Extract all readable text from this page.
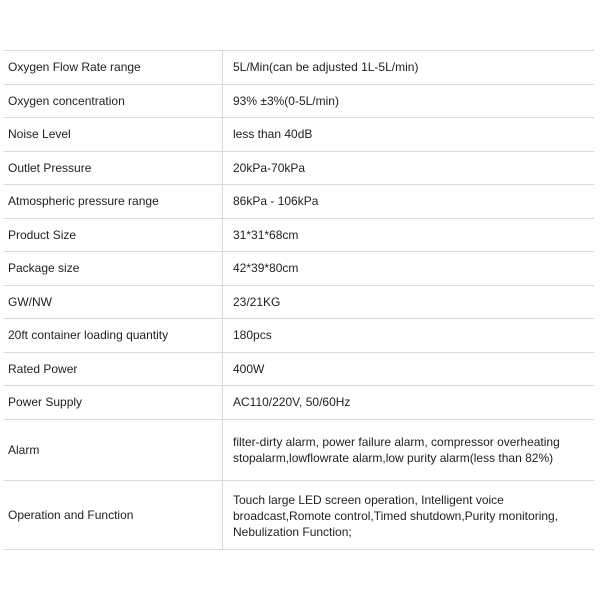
Oxygen Flow Rate range	5L/Min(can be adjusted 1L-5L/min)
Oxygen concentration	93% ±3%(0-5L/min)
Noise Level	less than 40dB
Outlet Pressure	20kPa-70kPa
Atmospheric pressure range	86kPa - 106kPa
Product Size	31*31*68cm
Package size	42*39*80cm
GW/NW	23/21KG
20ft container loading quantity	180pcs
Rated Power	400W
Power Supply	AC110/220V, 50/60Hz
Alarm	filter-dirty alarm, power failure alarm, compressor overheating stopalarm,lowflowrate alarm,low purity alarm(less than 82%)
Operation and Function	Touch large LED screen operation, Intelligent voice broadcast,Romote control,Timed shutdown,Purity monitoring, Nebulization Function;
